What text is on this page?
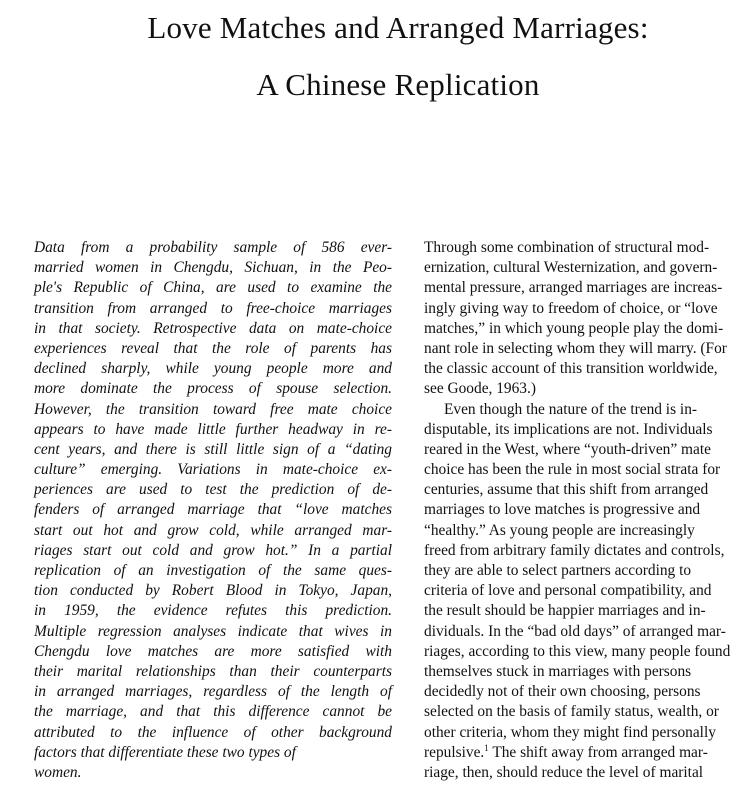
Love Matches and Arranged Marriages:
A Chinese Replication
Data from a probability sample of 586 ever-
married women in Chengdu, Sichuan, in the Peo-
ple's Republic of China, are used to examine the
transition from arranged to free-choice marriages
in that society. Retrospective data on mate-choice
experiences reveal that the role of parents has
declined sharply, while young people more and
more dominate the process of spouse selection.
However, the transition toward free mate choice
appears to have made little further headway in re-
cent years, and there is still little sign of a “dating
culture” emerging. Variations in mate-choice ex-
periences are used to test the prediction of de-
fenders of arranged marriage that “love matches
start out hot and grow cold, while arranged mar-
riages start out cold and grow hot.” In a partial
replication of an investigation of the same ques-
tion conducted by Robert Blood in Tokyo, Japan,
in 1959, the evidence refutes this prediction.
Multiple regression analyses indicate that wives in
Chengdu love matches are more satisfied with
their marital relationships than their counterparts
in arranged marriages, regardless of the length of
the marriage, and that this difference cannot be
attributed to the influence of other background
factors that differentiate these two types of
women.
Through some combination of structural mod-
ernization, cultural Westernization, and govern-
mental pressure, arranged marriages are increas-
ingly giving way to freedom of choice, or “love
matches,” in which young people play the domi-
nant role in selecting whom they will marry. (For
the classic account of this transition worldwide,
see Goode, 1963.)
Even though the nature of the trend is in-
disputable, its implications are not. Individuals
reared in the West, where “youth-driven” mate
choice has been the rule in most social strata for
centuries, assume that this shift from arranged
marriages to love matches is progressive and
“healthy.” As young people are increasingly
freed from arbitrary family dictates and controls,
they are able to select partners according to
criteria of love and personal compatibility, and
the result should be happier marriages and in-
dividuals. In the “bad old days” of arranged mar-
riages, according to this view, many people found
themselves stuck in marriages with persons
decidedly not of their own choosing, persons
selected on the basis of family status, wealth, or
other criteria, whom they might find personally
repulsive.$^1$ The shift away from arranged mar-
riage, then, should reduce the level of marital
